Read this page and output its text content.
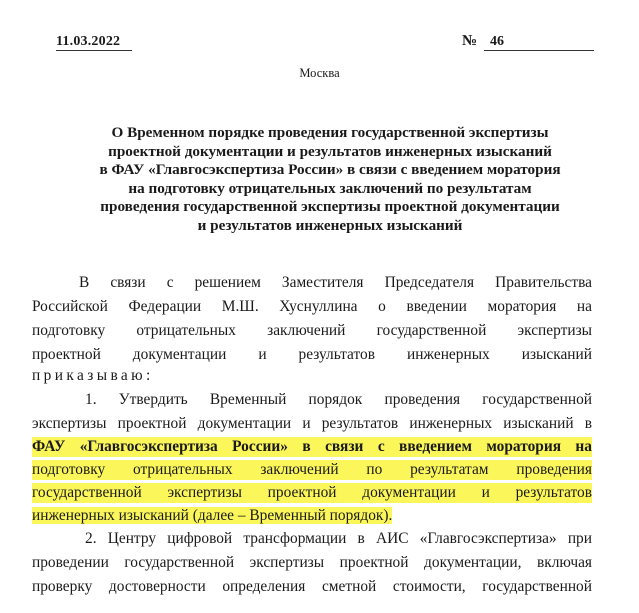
11.03.2022	№ 46
Москва
О Временном порядке проведения государственной экспертизы
проектной документации и результатов инженерных изысканий
в ФАУ «Главгосэкспертиза России» в связи с введением моратория
на подготовку отрицательных заключений по результатам
проведения государственной экспертизы проектной документации
и результатов инженерных изысканий
В связи с решением Заместителя Председателя Правительства
Российской Федерации М.Ш. Хуснуллина о введении моратория на
подготовку отрицательных заключений государственной экспертизы
проектной документации и результатов инженерных изысканий
приказываю:
1. Утвердить Временный порядок проведения государственной
экспертизы проектной документации и результатов инженерных изысканий в
ФАУ «Главгосэкспертиза России» в связи с введением моратория на
подготовку отрицательных заключений по результатам проведения
государственной экспертизы проектной документации и результатов
инженерных изысканий (далее – Временный порядок).
2. Центру цифровой трансформации в АИС «Главгосэкспертиза» при
проведении государственной экспертизы проектной документации, включая
проверку достоверности определения сметной стоимости, государственной
